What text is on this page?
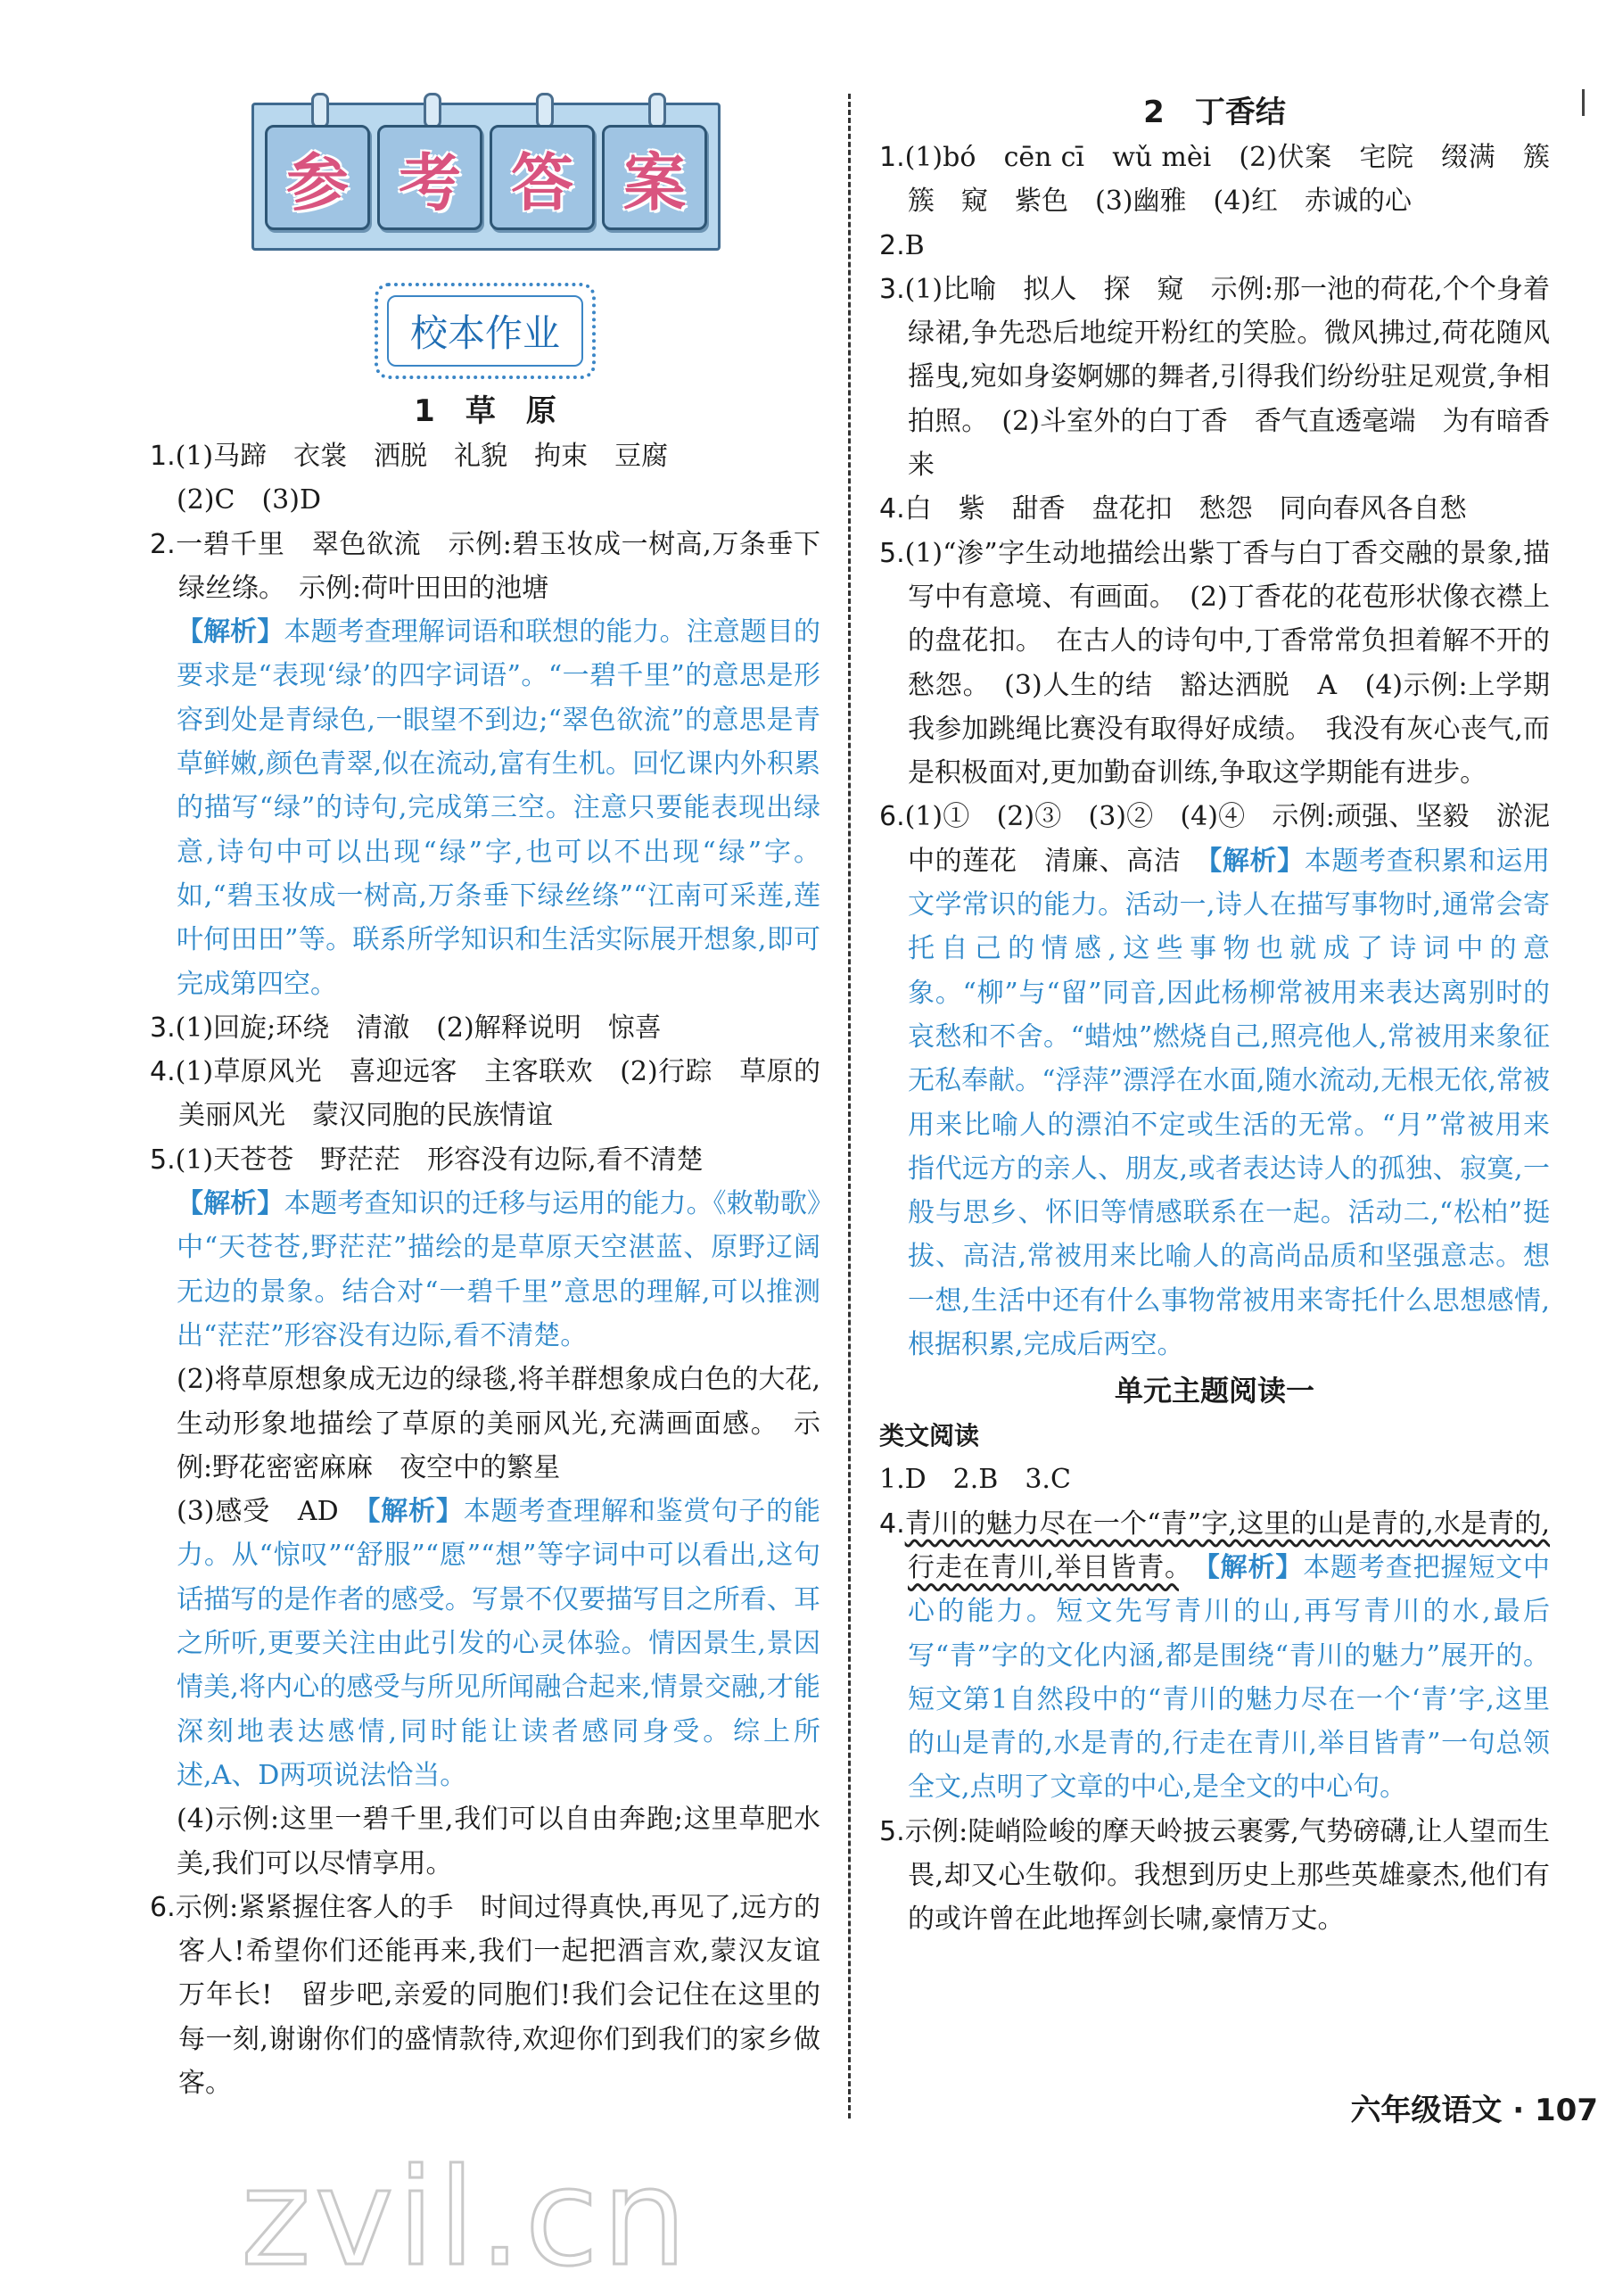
参 考 答 案
校本作业
1　草　原

1.(1)马蹄　衣裳　洒脱　礼貌　拘束　豆腐

(2)C　(3)D

2.一碧千里　翠色欲流　示例:碧玉妆成一树高,万条垂下绿丝绦。　示例:荷叶田田的池塘

【解析】本题考查理解词语和联想的能力。注意题目的要求是“表现‘绿’的四字词语”。“一碧千里”的意思是形容到处是青绿色,一眼望不到边;“翠色欲流”的意思是青草鲜嫩,颜色青翠,似在流动,富有生机。回忆课内外积累的描写“绿”的诗句,完成第三空。注意只要能表现出绿意,诗句中可以出现“绿”字,也可以不出现“绿”字。如,“碧玉妆成一树高,万条垂下绿丝绦”“江南可采莲,莲叶何田田”等。联系所学知识和生活实际展开想象,即可完成第四空。

3.(1)回旋;环绕　清澈　(2)解释说明　惊喜

4.(1)草原风光　喜迎远客　主客联欢　(2)行踪　草原的美丽风光　蒙汉同胞的民族情谊

5.(1)天苍苍　野茫茫　形容没有边际,看不清楚

【解析】本题考查知识的迁移与运用的能力。《敕勒歌》中“天苍苍,野茫茫”描绘的是草原天空湛蓝、原野辽阔无边的景象。结合对“一碧千里”意思的理解,可以推测出“茫茫”形容没有边际,看不清楚。

(2)将草原想象成无边的绿毯,将羊群想象成白色的大花,生动形象地描绘了草原的美丽风光,充满画面感。　示例:野花密密麻麻　夜空中的繁星

(3)感受　AD　【解析】本题考查理解和鉴赏句子的能力。从“惊叹”“舒服”“愿”“想”等字词中可以看出,这句话描写的是作者的感受。写景不仅要描写目之所看、耳之所听,更要关注由此引发的心灵体验。情因景生,景因情美,将内心的感受与所见所闻融合起来,情景交融,才能深刻地表达感情,同时能让读者感同身受。综上所述,A、D两项说法恰当。

(4)示例:这里一碧千里,我们可以自由奔跑;这里草肥水美,我们可以尽情享用。

6.示例:紧紧握住客人的手　时间过得真快,再见了,远方的客人!希望你们还能再来,我们一起把酒言欢,蒙汉友谊万年长!　留步吧,亲爱的同胞们!我们会记住在这里的每一刻,谢谢你们的盛情款待,欢迎你们到我们的家乡做客。

2　丁香结

1.(1)bó　cēn cī　wǔ mèi　(2)伏案　宅院　缀满　簇簇　窥　紫色　(3)幽雅　(4)红　赤诚的心

2.B

3.(1)比喻　拟人　探　窥　示例:那一池的荷花,个个身着绿裙,争先恐后地绽开粉红的笑脸。微风拂过,荷花随风摇曳,宛如身姿婀娜的舞者,引得我们纷纷驻足观赏,争相拍照。　(2)斗室外的白丁香　香气直透毫端　为有暗香来

4.白　紫　甜香　盘花扣　愁怨　同向春风各自愁

5.(1)“渗”字生动地描绘出紫丁香与白丁香交融的景象,描写中有意境、有画面。　(2)丁香花的花苞形状像衣襟上的盘花扣。　在古人的诗句中,丁香常常负担着解不开的愁怨。　(3)人生的结　豁达洒脱　A　(4)示例:上学期我参加跳绳比赛没有取得好成绩。　我没有灰心丧气,而是积极面对,更加勤奋训练,争取这学期能有进步。

6.(1)①　(2)③　(3)②　(4)④　示例:顽强、坚毅　淤泥中的莲花　清廉、高洁　【解析】本题考查积累和运用文学常识的能力。活动一,诗人在描写事物时,通常会寄托自己的情感,这些事物也就成了诗词中的意象。“柳”与“留”同音,因此杨柳常被用来表达离别时的哀愁和不舍。“蜡烛”燃烧自己,照亮他人,常被用来象征无私奉献。“浮萍”漂浮在水面,随水流动,无根无依,常被用来比喻人的漂泊不定或生活的无常。“月”常被用来指代远方的亲人、朋友,或者表达诗人的孤独、寂寞,一般与思乡、怀旧等情感联系在一起。活动二,“松柏”挺拔、高洁,常被用来比喻人的高尚品质和坚强意志。想一想,生活中还有什么事物常被用来寄托什么思想感情,根据积累,完成后两空。

单元主题阅读一
类文阅读

1.D　2.B　3.C

4.青川的魅力尽在一个“青”字,这里的山是青的,水是青的,行走在青川,举目皆青。　 【解析】本题考查把握短文中心的能力。短文先写青川的山,再写青川的水,最后写“青”字的文化内涵,都是围绕“青川的魅力”展开的。短文第1自然段中的“青川的魅力尽在一个‘青’字,这里的山是青的,水是青的,行走在青川,举目皆青”一句总领全文,点明了文章的中心,是全文的中心句。

5.示例:陡峭险峻的摩天岭披云裹雾,气势磅礴,让人望而生畏,却又心生敬仰。我想到历史上那些英雄豪杰,他们有的或许曾在此地挥剑长啸,豪情万丈。

六年级语文 · 107
zvil.cn
